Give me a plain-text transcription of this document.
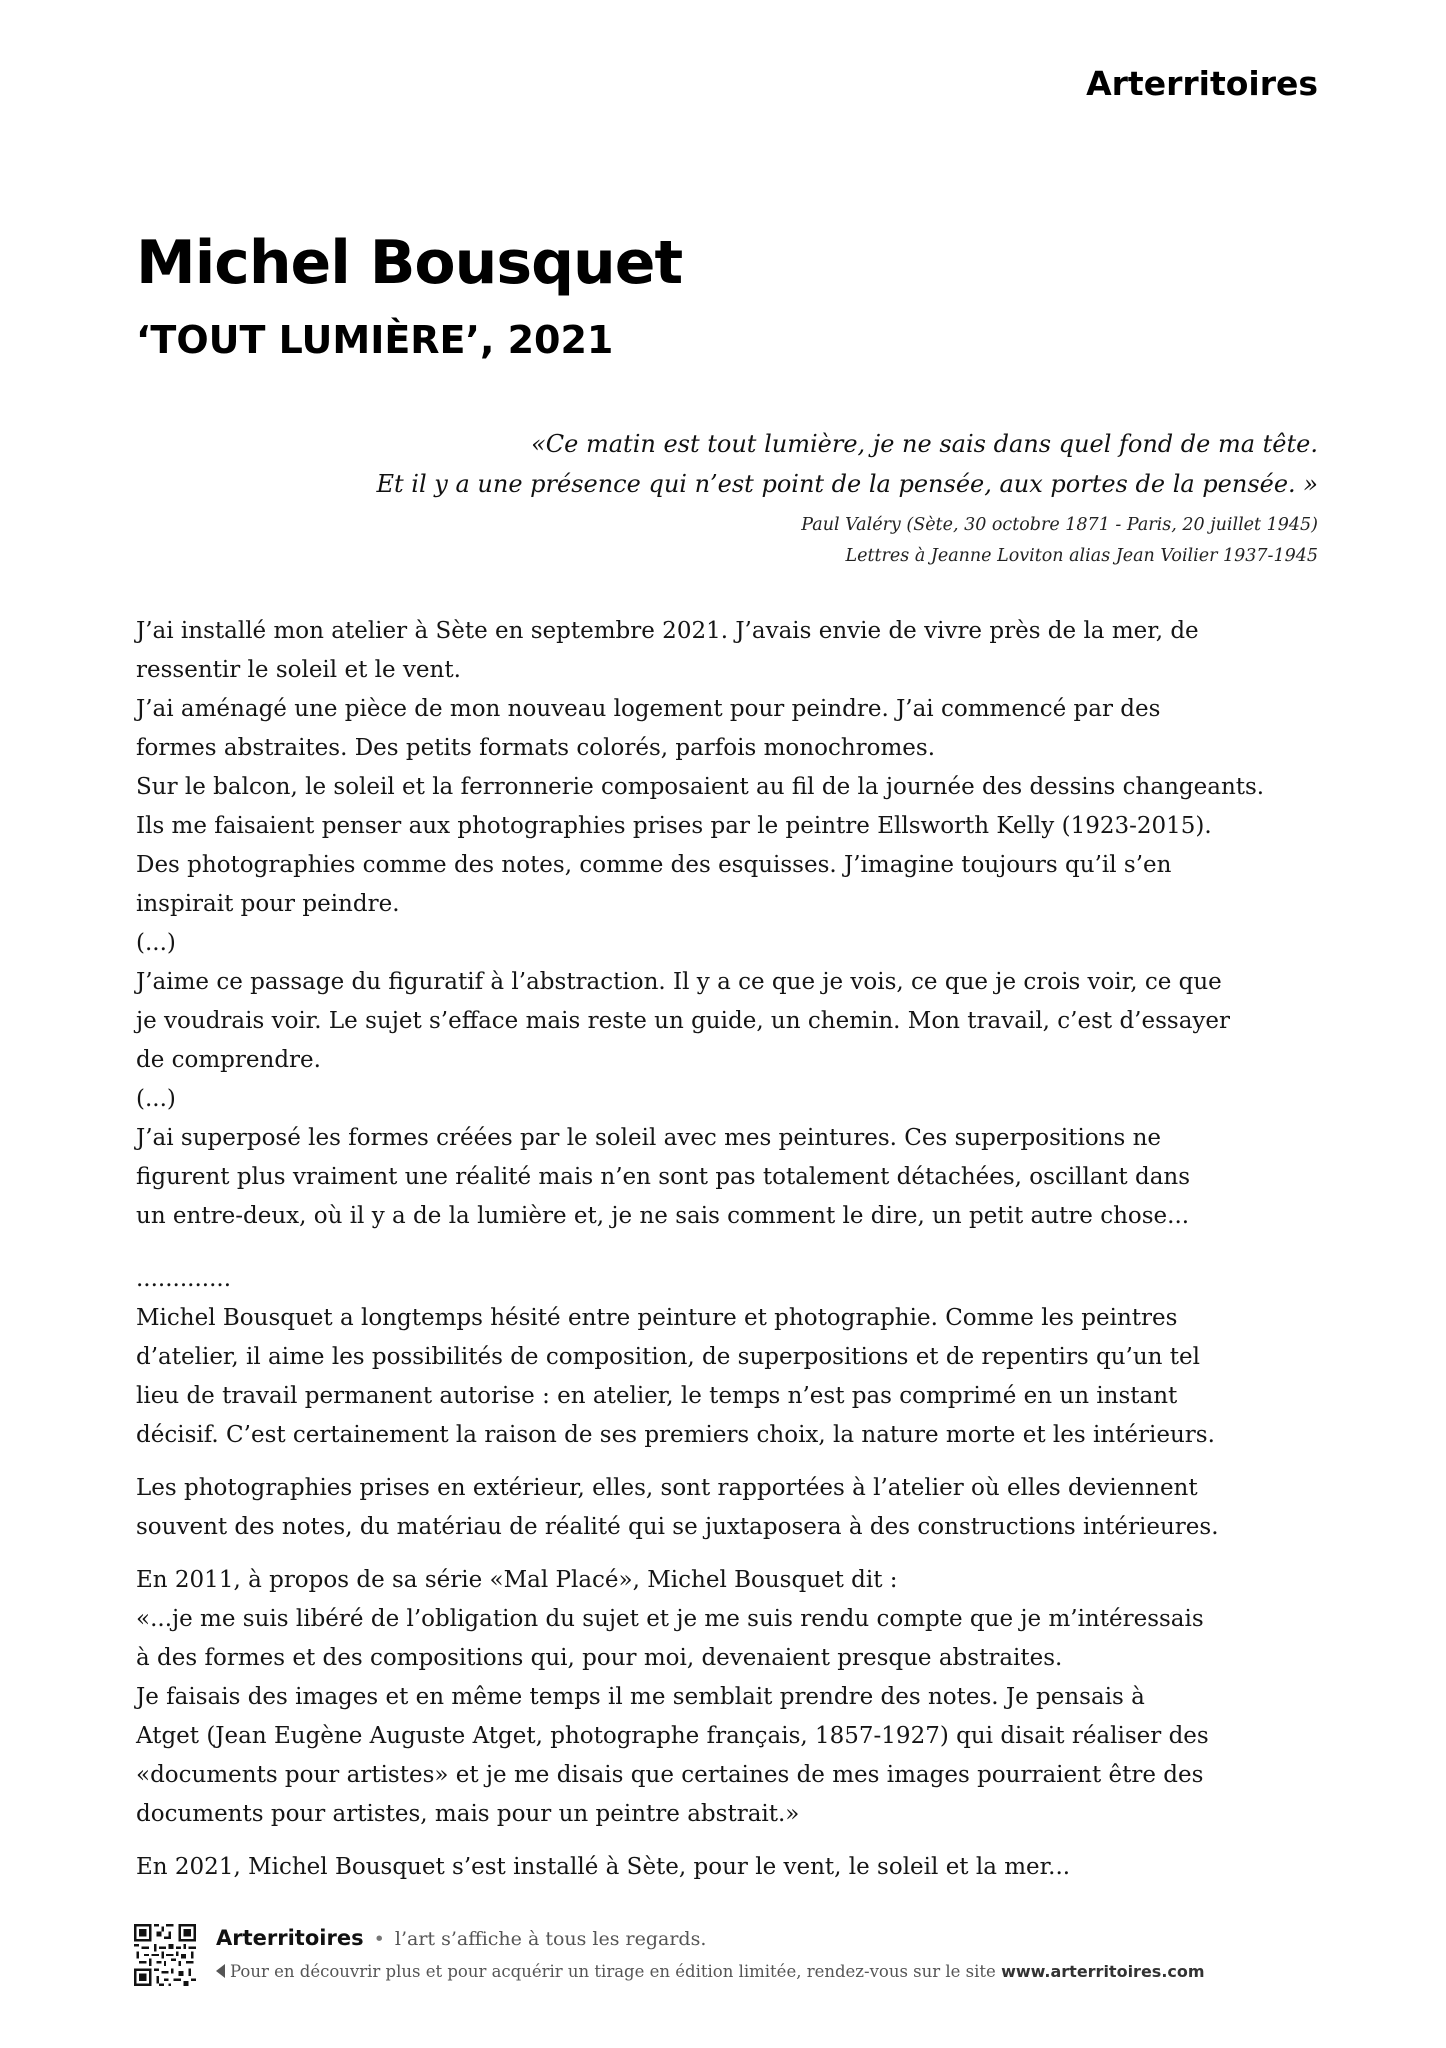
Arterritoires
Michel Bousquet
‘TOUT LUMIÈRE’, 2021
«Ce matin est tout lumière, je ne sais dans quel fond de ma tête.
Et il y a une présence qui n’est point de la pensée, aux portes de la pensée. »
Paul Valéry (Sète, 30 octobre 1871 - Paris, 20 juillet 1945)
Lettres à Jeanne Loviton alias Jean Voilier 1937-1945

J’ai installé mon atelier à Sète en septembre 2021. J’avais envie de vivre près de la mer, de

ressentir le soleil et le vent.

J’ai aménagé une pièce de mon nouveau logement pour peindre. J’ai commencé par des

formes abstraites. Des petits formats colorés, parfois monochromes.

Sur le balcon, le soleil et la ferronnerie composaient au fil de la journée des dessins changeants.

Ils me faisaient penser aux photographies prises par le peintre Ellsworth Kelly (1923-2015).

Des photographies comme des notes, comme des esquisses. J’imagine toujours qu’il s’en

inspirait pour peindre.

(...)

J’aime ce passage du figuratif à l’abstraction. Il y a ce que je vois, ce que je crois voir, ce que

je voudrais voir. Le sujet s’efface mais reste un guide, un chemin. Mon travail, c’est d’essayer

de comprendre.

(...)

J’ai superposé les formes créées par le soleil avec mes peintures. Ces superpositions ne

figurent plus vraiment une réalité mais n’en sont pas totalement détachées, oscillant dans

un entre-deux, où il y a de la lumière et, je ne sais comment le dire, un petit autre chose...

.............

Michel Bousquet a longtemps hésité entre peinture et photographie. Comme les peintres

d’atelier, il aime les possibilités de composition, de superpositions et de repentirs qu’un tel

lieu de travail permanent autorise : en atelier, le temps n’est pas comprimé en un instant

décisif. C’est certainement la raison de ses premiers choix, la nature morte et les intérieurs.

Les photographies prises en extérieur, elles, sont rapportées à l’atelier où elles deviennent

souvent des notes, du matériau de réalité qui se juxtaposera à des constructions intérieures.

En 2011, à propos de sa série «Mal Placé», Michel Bousquet dit :

«...je me suis libéré de l’obligation du sujet et je me suis rendu compte que je m’intéressais

à des formes et des compositions qui, pour moi, devenaient presque abstraites.

Je faisais des images et en même temps il me semblait prendre des notes. Je pensais à

Atget (Jean Eugène Auguste Atget, photographe français, 1857-1927) qui disait réaliser des

«documents pour artistes» et je me disais que certaines de mes images pourraient être des

documents pour artistes, mais pour un peintre abstrait.»

En 2021, Michel Bousquet s’est installé à Sète, pour le vent, le soleil et la mer...

Arterritoires • l’art s’affiche à tous les regards.
Pour en découvrir plus et pour acquérir un tirage en édition limitée, rendez-vous sur le site www.arterritoires.com
